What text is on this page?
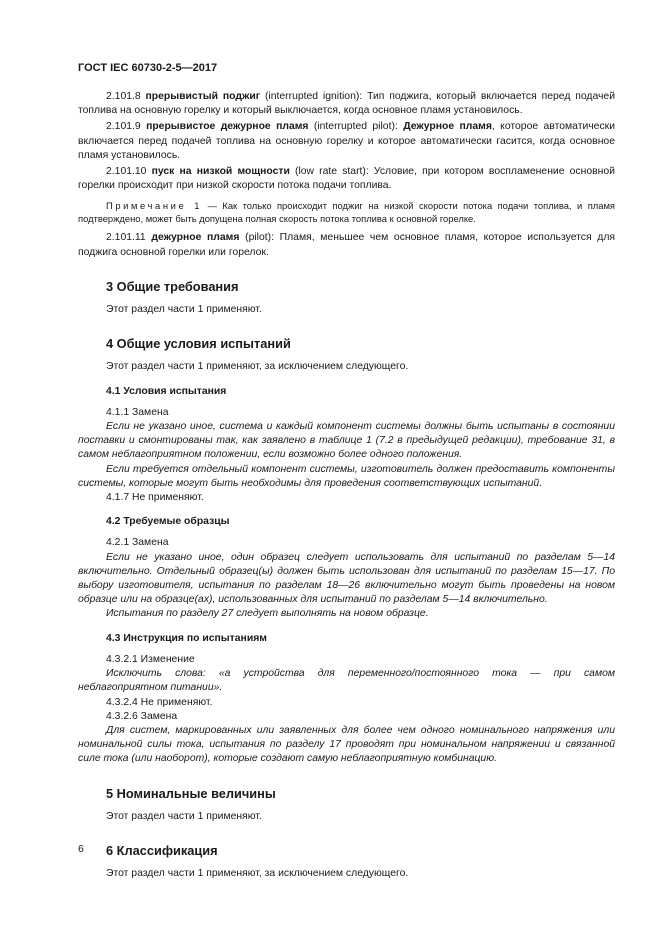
ГОСТ IEC 60730-2-5—2017

2.101.8 прерывистый поджиг (interrupted ignition): Тип поджига, который включается перед подачей топлива на основную горелку и который выключается, когда основное пламя установилось.

2.101.9 прерывистое дежурное пламя (interrupted pilot): Дежурное пламя, которое автоматически включается перед подачей топлива на основную горелку и которое автоматически гасится, когда основное пламя установилось.

2.101.10 пуск на низкой мощности (low rate start): Условие, при котором воспламенение основной горелки происходит при низкой скорости потока подачи топлива.

Примечание 1 — Как только происходит поджиг на низкой скорости потока подачи топлива, и пламя подтверждено, может быть допущена полная скорость потока топлива к основной горелке.

2.101.11 дежурное пламя (pilot): Пламя, меньшее чем основное пламя, которое используется для поджига основной горелки или горелок.

3 Общие требования

Этот раздел части 1 применяют.

4 Общие условия испытаний

Этот раздел части 1 применяют, за исключением следующего.

4.1 Условия испытания

4.1.1 Замена

Если не указано иное, система и каждый компонент системы должны быть испытаны в состоянии поставки и смонтированы так, как заявлено в таблице 1 (7.2 в предыдущей редакции), требование 31, в самом неблагоприятном положении, если возможно более одного положения.

Если требуется отдельный компонент системы, изготовитель должен предоставить компоненты системы, которые могут быть необходимы для проведения соответствующих испытаний.

4.1.7 Не применяют.

4.2 Требуемые образцы

4.2.1 Замена

Если не указано иное, один образец следует использовать для испытаний по разделам 5—14 включительно. Отдельный образец(ы) должен быть использован для испытаний по разделам 15—17. По выбору изготовителя, испытания по разделам 18—26 включительно могут быть проведены на новом образце или на образце(ах), использованных для испытаний по разделам 5—14 включительно.

Испытания по разделу 27 следует выполнять на новом образце.

4.3 Инструкция по испытаниям

4.3.2.1 Изменение

Исключить слова: «а устройства для переменного/постоянного тока — при самом неблагоприятном питании».

4.3.2.4 Не применяют.

4.3.2.6 Замена

Для систем, маркированных или заявленных для более чем одного номинального напряжения или номинальной силы тока, испытания по разделу 17 проводят при номинальном напряжении и связанной силе тока (или наоборот), которые создают самую неблагоприятную комбинацию.

5 Номинальные величины

Этот раздел части 1 применяют.

6 Классификация

Этот раздел части 1 применяют, за исключением следующего.

6
